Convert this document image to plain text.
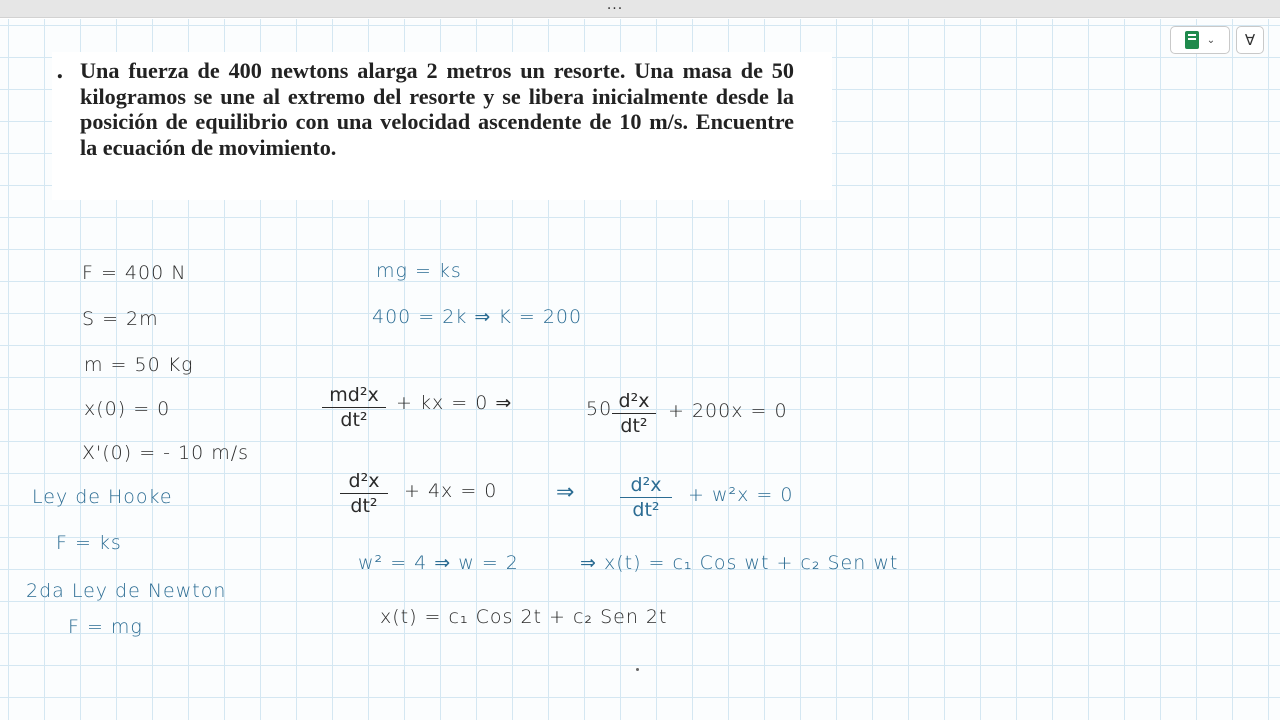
...
⌄ ∀
. Una fuerza de 400 newtons alarga 2 metros un resorte. Una masa de 50 kilogramos se une al extremo del resorte y se libera inicialmente desde la posición de equilibrio con una velocidad ascendente de 10 m/s. Encuentre la ecuación de movimiento.
F = 400 N
S = 2m
m = 50 Kg
x(0) = 0
X'(0) = - 10 m/s
Ley de Hooke
F = ks
2da Ley de Newton
F = mg
mg = ks
400 = 2k ⇒ K = 200
md²x
dt²
+ kx = 0 ⇒	50 d²x
dt²
+ 200x = 0
d²x
dt²
+ 4x = 0	⇒	d²x
dt²
+ w²x = 0
w² = 4 ⇒ w = 2	⇒ x(t) = c₁ Cos wt + c₂ Sen wt
x(t) = c₁ Cos 2t + c₂ Sen 2t
